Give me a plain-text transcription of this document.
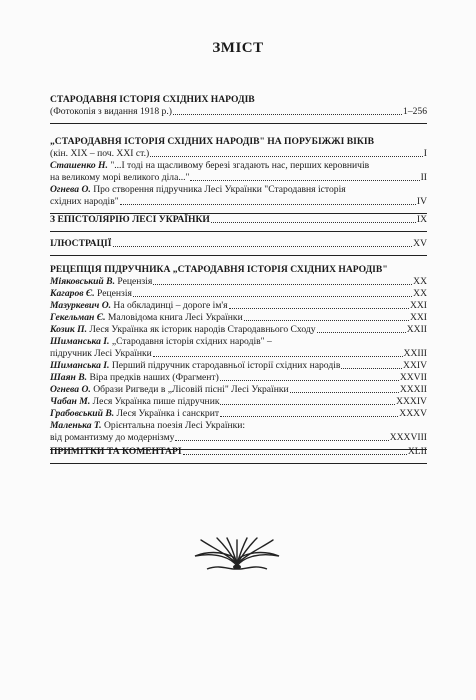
ЗМІСТ
СТАРОДАВНЯ ІСТОРІЯ СХІДНИХ НАРОДІВ
(Фотокопія з видання 1918 р.)	1–256
„СТАРОДАВНЯ ІСТОРІЯ СХІДНИХ НАРОДІВ" НА ПОРУБІЖЖІ ВІКІВ
(кін. ХІХ – поч. ХХІ ст.)	I
Сташенко Н. "...І тоді на щасливому березі згадають нас, перших керовничів
на великому морі великого діла..."	II
Огнева О. Про створення підручника Лесі Українки "Стародавня історія
східних народів"	IV
З ЕПІСТОЛЯРІЮ ЛЕСІ УКРАЇНКИ	IX
ІЛЮСТРАЦІЇ	XV
РЕЦЕПЦІЯ ПІДРУЧНИКА „СТАРОДАВНЯ ІСТОРІЯ СХІДНИХ НАРОДІВ"
Міяковський В. Рецензія	XX
Кагаров Є. Рецензія	XX
Мазуркевич О. На обкладинці – дороге ім'я	XXI
Гекельман Є. Маловідома книга Лесі Українки	XXI
Козик П. Леся Українка як історик народів Стародавнього Сходу	XXII
Шиманська І. „Стародавня історія східних народів" –
підручник Лесі Українки	XXIII
Шиманська І. Перший підручник стародавньої історії східних народів	XXIV
Шаян В. Віра предків наших (Фрагмент)	XXVII
Огнева О. Образи Ригведи в „Лісовій пісні" Лесі Українки	XXXII
Чабан М. Леся Українка пише підручник	XXXIV
Грабовський В. Леся Українка і санскрит	XXXV
Маленька Т. Орієнтальна поезія Лесі Українки:
від романтизму до модернізму	XXXVIII
ПРИМІТКИ ТА КОМЕНТАРІ	XLII
